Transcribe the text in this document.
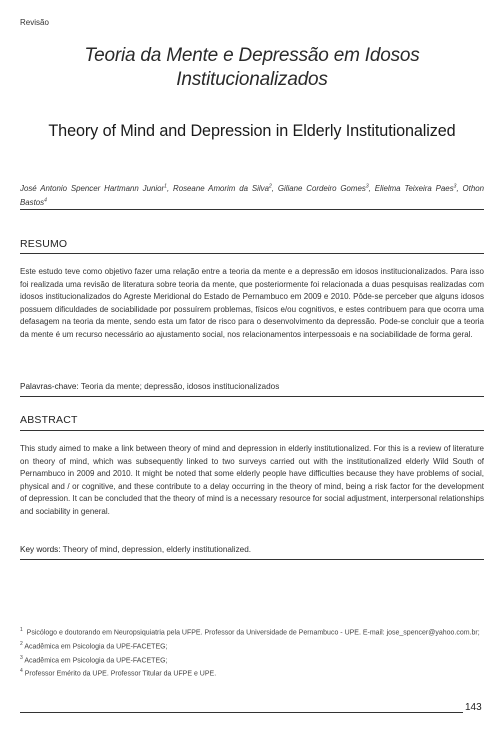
Revisão
Teoria da Mente e Depressão em Idosos Institucionalizados
Theory of Mind and Depression in Elderly Institutionalized
José Antonio Spencer Hartmann Junior$^1$, Roseane Amorim da Silva$^2$, Giliane Cordeiro Gomes$^3$, Elielma Teixeira Paes$^3$, Othon Bastos$^4$
RESUMO
Este estudo teve como objetivo fazer uma relação entre a teoria da mente e a depressão em idosos institucionalizados. Para isso foi realizada uma revisão de literatura sobre teoria da mente, que posteriormente foi relacionada a duas pesquisas realizadas com idosos institucionalizados do Agreste Meridional do Estado de Pernambuco em 2009 e 2010. Pôde-se perceber que alguns idosos possuem dificuldades de sociabilidade por possuírem problemas, físicos e/ou cognitivos, e estes contribuem para que ocorra uma defasagem na teoria da mente, sendo esta um fator de risco para o desenvolvimento da depressão. Pode-se concluir que a teoria da mente é um recurso necessário ao ajustamento social, nos relacionamentos interpessoais e na sociabilidade de forma geral.
Palavras-chave: Teoria da mente; depressão, idosos institucionalizados
ABSTRACT
This study aimed to make a link between theory of mind and depression in elderly institutionalized. For this is a review of literature on theory of mind, which was subsequently linked to two surveys carried out with the institutionalized elderly Wild South of Pernambuco in 2009 and 2010. It might be noted that some elderly people have difficulties because they have problems of social, physical and / or cognitive, and these contribute to a delay occurring in the theory of mind, being a risk factor for the development of depression. It can be concluded that the theory of mind is a necessary resource for social adjustment, interpersonal relationships and sociability in general.
Key words: Theory of mind, depression, elderly institutionalized.

$^1$ Psicólogo e doutorando em Neuropsiquiatria pela UFPE. Professor da Universidade de Pernambuco - UPE. E-mail: jose_spencer@yahoo.com.br;

$^2$ Acadêmica em Psicologia da UPE-FACETEG;

$^3$ Acadêmica em Psicologia da UPE-FACETEG;

$^4$ Professor Emérito da UPE. Professor Titular da UFPE e UPE.

143
